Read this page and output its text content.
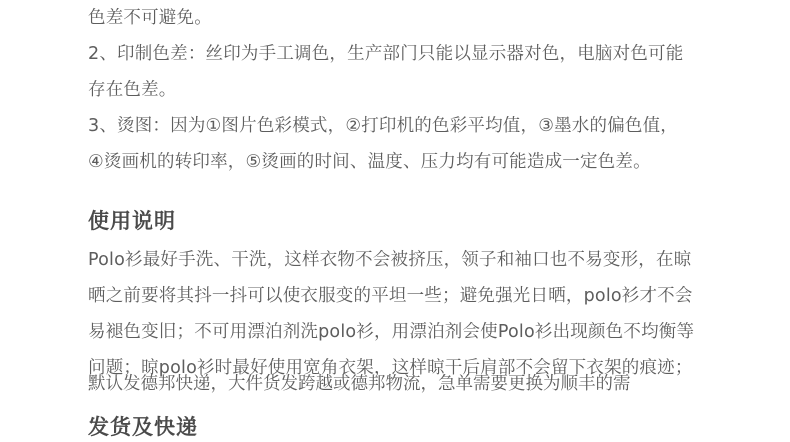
色差不可避免。
2、印制色差：丝印为手工调色，生产部门只能以显示器对色，电脑对色可能
存在色差。
3、烫图：因为①图片色彩模式，②打印机的色彩平均值，③墨水的偏色值，
④烫画机的转印率，⑤烫画的时间、温度、压力均有可能造成一定色差。

使用说明

Polo衫最好手洗、干洗，这样衣物不会被挤压，领子和袖口也不易变形，在晾
晒之前要将其抖一抖可以使衣服变的平坦一些；避免强光日晒，polo衫才不会
易褪色变旧；不可用漂泊剂洗polo衫，用漂泊剂会使Polo衫出现颜色不均衡等
问题；晾polo衫时最好使用宽角衣架，这样晾干后肩部不会留下衣架的痕迹；

发货及快递
默认发德邦快递，大件货发跨越或德邦物流，急单需要更换为顺丰的需
